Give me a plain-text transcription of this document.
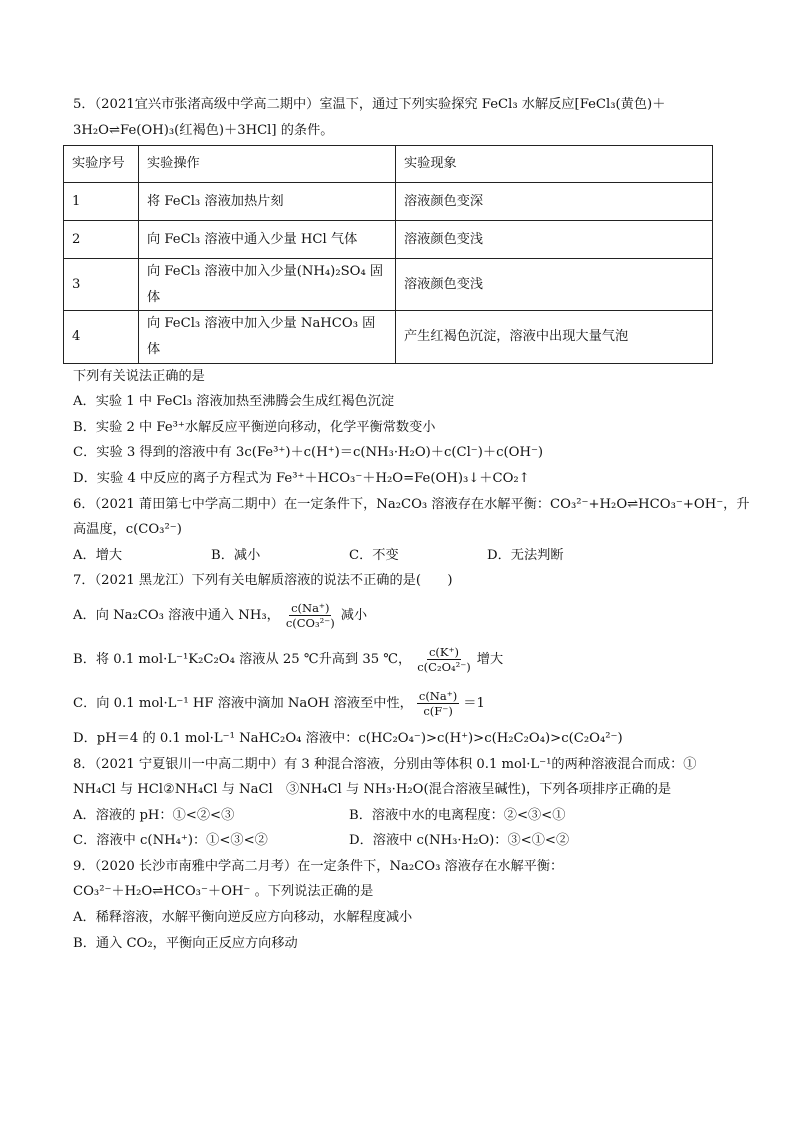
5．（2021宜兴市张渚高级中学高二期中）室温下，通过下列实验探究 FeCl₃ 水解反应[FeCl₃(黄色)＋
3H₂O⇌Fe(OH)₃(红褐色)＋3HCl] 的条件。
实验序号	实验操作	实验现象
1	将 FeCl₃ 溶液加热片刻	溶液颜色变深
2	向 FeCl₃ 溶液中通入少量 HCl 气体	溶液颜色变浅
3	向 FeCl₃ 溶液中加入少量(NH₄)₂SO₄ 固体	溶液颜色变浅
4	向 FeCl₃ 溶液中加入少量 NaHCO₃ 固体	产生红褐色沉淀，溶液中出现大量气泡
下列有关说法正确的是
A．实验 1 中 FeCl₃ 溶液加热至沸腾会生成红褐色沉淀
B．实验 2 中 Fe³⁺水解反应平衡逆向移动，化学平衡常数变小
C．实验 3 得到的溶液中有 3c(Fe³⁺)＋c(H⁺)＝c(NH₃·H₂O)＋c(Cl⁻)＋c(OH⁻)
D．实验 4 中反应的离子方程式为 Fe³⁺＋HCO₃⁻＋H₂O=Fe(OH)₃↓＋CO₂↑
6．（2021 莆田第七中学高二期中）在一定条件下，Na₂CO₃ 溶液存在水解平衡：CO₃²⁻+H₂O⇌HCO₃⁻+OH⁻，升
高温度，c(CO₃²⁻)
A．增大	B．减小	C．不变	D．无法判断
7．（2021 黑龙江）下列有关电解质溶液的说法不正确的是(　　)
A．向 Na₂CO₃ 溶液中通入 NH₃， $\frac{c(Na^+)}{\text{c(CO₃²⁻)}}$ 减小
B．将 0.1 mol·L⁻¹K₂C₂O₄ 溶液从 25 ℃升高到 35 ℃， $\frac{c(K^+)}{\text{c(C₂O₄²⁻)}}$ 增大
C．向 0.1 mol·L⁻¹ HF 溶液中滴加 NaOH 溶液至中性， $\frac{c(Na^+)}{c(F^-)} =1$
D．pH＝4 的 0.1 mol·L⁻¹ NaHC₂O₄ 溶液中：c(HC₂O₄⁻)>c(H⁺)>c(H₂C₂O₄)>c(C₂O₄²⁻)
8．（2021 宁夏银川一中高二期中）有 3 种混合溶液，分别由等体积 0.1 mol·L⁻¹的两种溶液混合而成：①
NH₄Cl 与 HCl②NH₄Cl 与 NaCl　③NH₄Cl 与 NH₃·H₂O(混合溶液呈碱性)，下列各项排序正确的是
A．溶液的 pH：①<②<③	B．溶液中水的电离程度：②<③<①
C．溶液中 c(NH₄⁺)：①<③<②	D．溶液中 c(NH₃·H₂O)：③<①<②
9．（2020 长沙市南雅中学高二月考）在一定条件下，Na₂CO₃ 溶液存在水解平衡：
CO₃²⁻＋H₂O⇌HCO₃⁻＋OH⁻ 。下列说法正确的是
A．稀释溶液，水解平衡向逆反应方向移动，水解程度减小
B．通入 CO₂，平衡向正反应方向移动
